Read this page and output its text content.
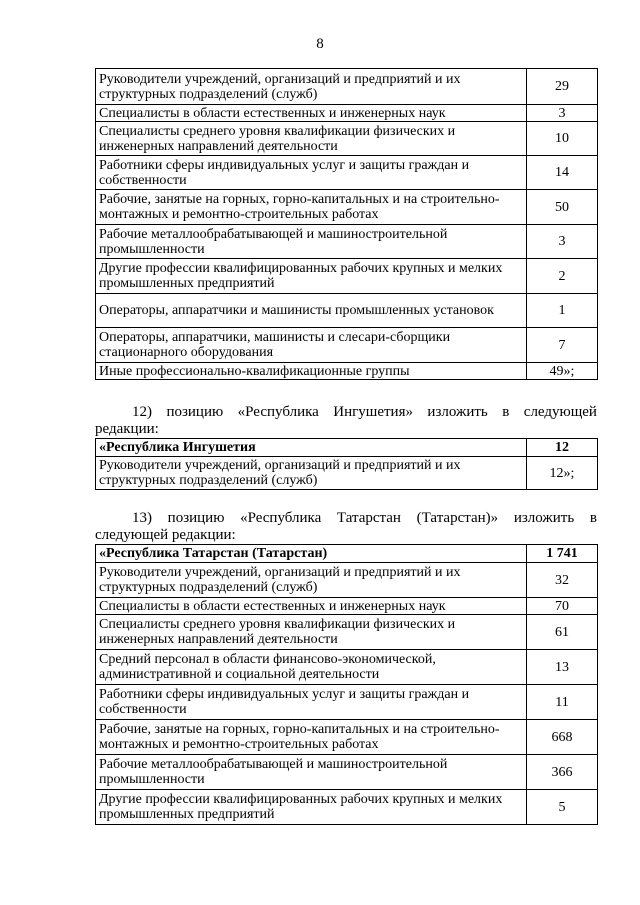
8
Руководители учреждений, организаций и предприятий и их структурных подразделений (служб)	29
Специалисты в области естественных и инженерных наук	3
Специалисты среднего уровня квалификации физических и инженерных направлений деятельности	10
Работники сферы индивидуальных услуг и защиты граждан и собственности	14
Рабочие, занятые на горных, горно-капитальных и на строительно-монтажных и ремонтно-строительных работах	50
Рабочие металлообрабатывающей и машиностроительной промышленности	3
Другие профессии квалифицированных рабочих крупных и мелких промышленных предприятий	2
Операторы, аппаратчики и машинисты промышленных установок	1
Операторы, аппаратчики, машинисты и слесари-сборщики стационарного оборудования	7
Иные профессионально-квалификационные группы	49»;
12) позицию «Республика Ингушетия» изложить в следующей
редакции:
«Республика Ингушетия	12
Руководители учреждений, организаций и предприятий и их структурных подразделений (служб)	12»;
13) позицию «Республика Татарстан (Татарстан)» изложить в
следующей редакции:
«Республика Татарстан (Татарстан)	1 741
Руководители учреждений, организаций и предприятий и их структурных подразделений (служб)	32
Специалисты в области естественных и инженерных наук	70
Специалисты среднего уровня квалификации физических и инженерных направлений деятельности	61
Средний персонал в области финансово-экономической, административной и социальной деятельности	13
Работники сферы индивидуальных услуг и защиты граждан и собственности	11
Рабочие, занятые на горных, горно-капитальных и на строительно-монтажных и ремонтно-строительных работах	668
Рабочие металлообрабатывающей и машиностроительной промышленности	366
Другие профессии квалифицированных рабочих крупных и мелких промышленных предприятий	5
